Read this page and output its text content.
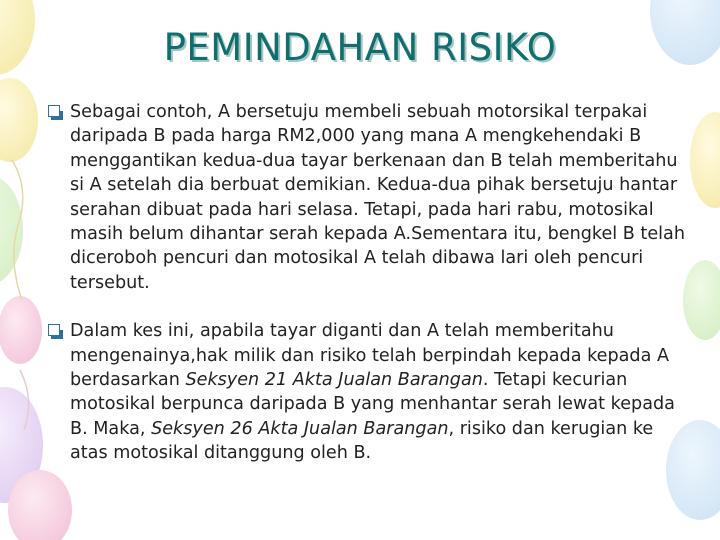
PEMINDAHAN RISIKO
Sebagai contoh, A bersetuju membeli sebuah motorsikal terpakai daripada B pada harga RM2,000 yang mana A mengkehendaki B menggantikan kedua-dua tayar berkenaan dan B telah memberitahu si A setelah dia berbuat demikian. Kedua-dua pihak bersetuju hantar serahan dibuat pada hari selasa. Tetapi, pada hari rabu, motosikal masih belum dihantar serah kepada A.Sementara itu, bengkel B telah diceroboh pencuri dan motosikal A telah dibawa lari oleh pencuri tersebut.
Dalam kes ini, apabila tayar diganti dan A telah memberitahu mengenainya,hak milik dan risiko telah berpindah kepada kepada A berdasarkan Seksyen 21 Akta Jualan Barangan. Tetapi kecurian motosikal berpunca daripada B yang menhantar serah lewat kepada B. Maka, Seksyen 26 Akta Jualan Barangan, risiko dan kerugian ke atas motosikal ditanggung oleh B.
